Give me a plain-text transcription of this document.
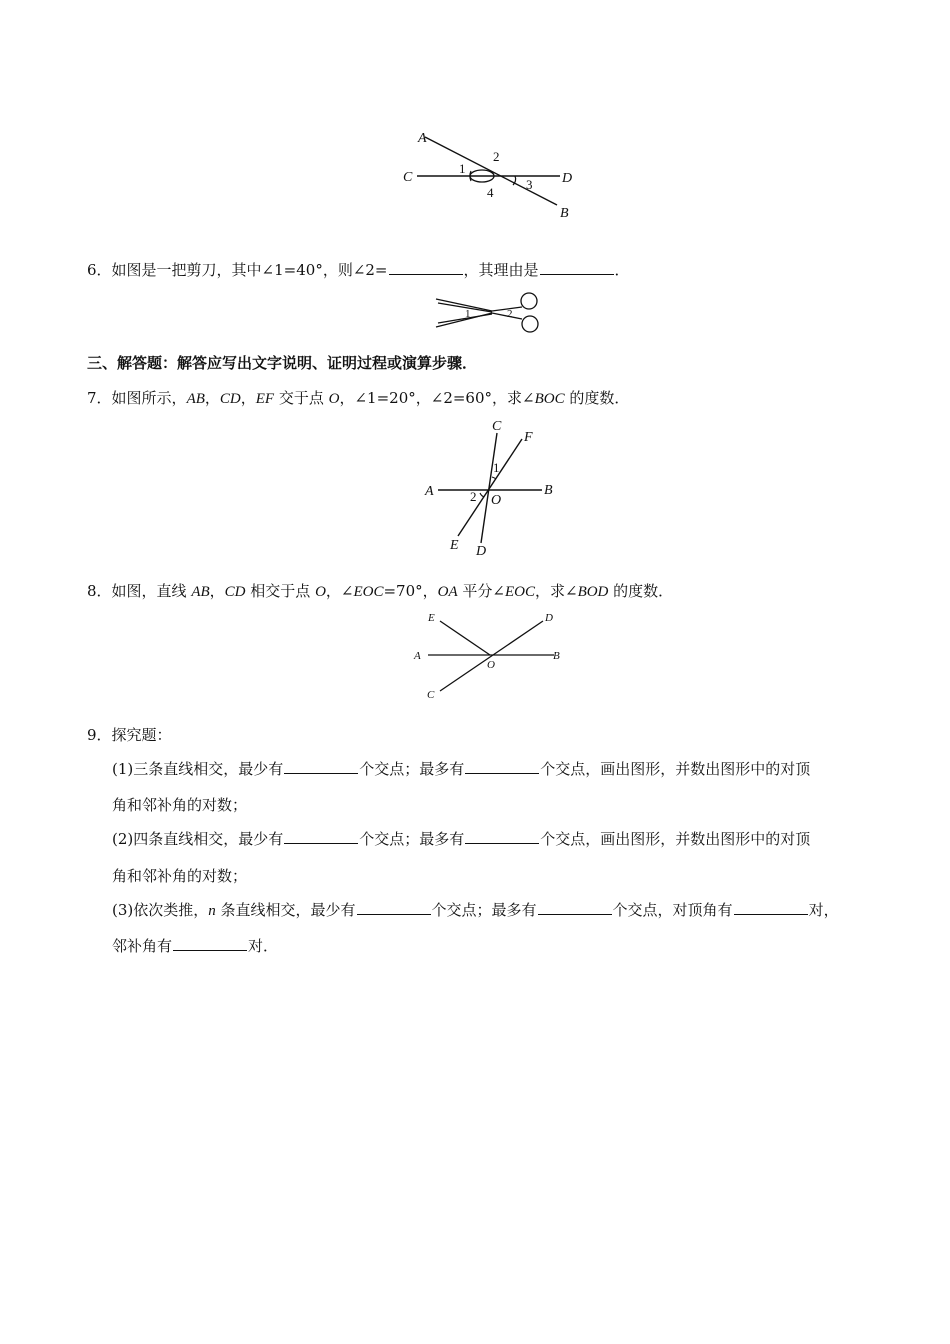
A
C	D
B
1
2
3
4
6．如图是一把剪刀，其中∠1=40°，则∠2=	，其理由是	．
1	2
三、解答题：解答应写出文字说明、证明过程或演算步骤．
7．如图所示，AB，CD，EF 交于点 O，∠1=20°，∠2=60°，求∠BOC 的度数．
C
F
A	B
O
1
2
E D
8．如图，直线 AB，CD 相交于点 O，∠EOC=70°，OA 平分∠EOC，求∠BOD 的度数．
E	D
A	B
O
C
9．探究题：
(1)三条直线相交，最少有	个交点；最多有	个交点，画出图形，并数出图形中的对顶
角和邻补角的对数；
(2)四条直线相交，最少有	个交点；最多有	个交点，画出图形，并数出图形中的对顶
角和邻补角的对数；
(3)依次类推，n 条直线相交，最少有	个交点；最多有	个交点，对顶角有	对，
邻补角有	对．
